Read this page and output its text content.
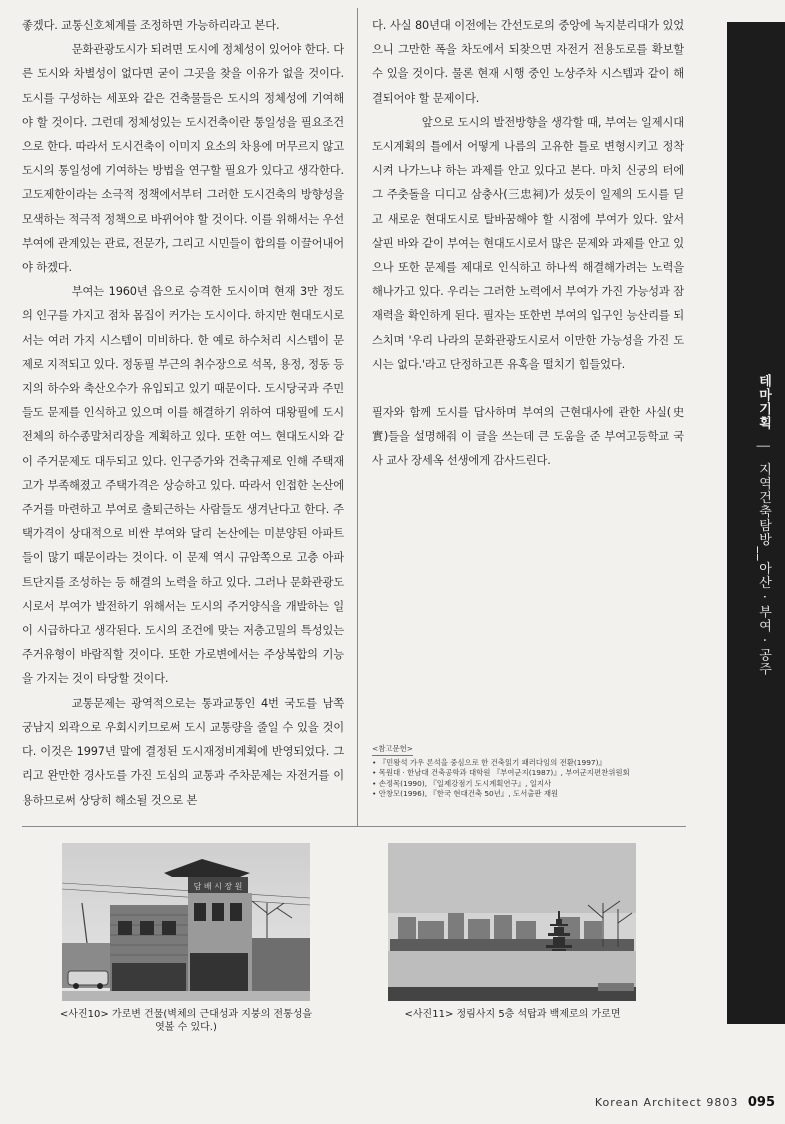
좋겠다. 교통신호체계를 조정하면 가능하리라고 본다.

문화관광도시가 되려면 도시에 정체성이 있어야 한다. 다른 도시와 차별성이 없다면 굳이 그곳을 찾을 이유가 없을 것이다. 도시를 구성하는 세포와 같은 건축물들은 도시의 정체성에 기여해야 할 것이다. 그런데 정체성있는 도시건축이란 통일성을 필요조건으로 한다. 따라서 도시건축이 이미지 요소의 차용에 머무르지 않고 도시의 통일성에 기여하는 방법을 연구할 필요가 있다고 생각한다. 고도제한이라는 소극적 정책에서부터 그러한 도시건축의 방향성을 모색하는 적극적 정책으로 바뀌어야 할 것이다. 이를 위해서는 우선 부여에 관계있는 관료, 전문가, 그리고 시민들이 합의를 이끌어내어야 하겠다.

부여는 1960년 읍으로 승격한 도시이며 현재 3만 정도의 인구를 가지고 점차 몸집이 커가는 도시이다. 하지만 현대도시로서는 여러 가지 시스템이 미비하다. 한 예로 하수처리 시스템이 문제로 지적되고 있다. 정동필 부근의 취수장으로 석목, 용정, 정동 등지의 하수와 축산오수가 유입되고 있기 때문이다. 도시당국과 주민들도 문제를 인식하고 있으며 이를 해결하기 위하여 대왕필에 도시 전체의 하수종말처리장을 계획하고 있다. 또한 여느 현대도시와 같이 주거문제도 대두되고 있다. 인구증가와 건축규제로 인해 주택재고가 부족해졌고 주택가격은 상승하고 있다. 따라서 인접한 논산에 주거를 마련하고 부여로 출퇴근하는 사람들도 생겨난다고 한다. 주택가격이 상대적으로 비싼 부여와 달리 논산에는 미분양된 아파트들이 많기 때문이라는 것이다. 이 문제 역시 규암쪽으로 고층 아파트단지를 조성하는 등 해결의 노력을 하고 있다. 그러나 문화관광도시로서 부여가 발전하기 위해서는 도시의 주거양식을 개발하는 일이 시급하다고 생각된다. 도시의 조건에 맞는 저층고밀의 특성있는 주거유형이 바람직할 것이다. 또한 가로변에서는 주상복합의 기능을 가지는 것이 타당할 것이다.

교통문제는 광역적으로는 통과교통인 4번 국도를 남쪽 궁남지 외곽으로 우회시키므로써 도시 교통량을 줄일 수 있을 것이다. 이것은 1997년 말에 결정된 도시재정비계획에 반영되었다. 그리고 완만한 경사도를 가진 도심의 교통과 주차문제는 자전거를 이용하므로써 상당히 해소될 것으로 본

다. 사실 80년대 이전에는 간선도로의 중앙에 녹지분리대가 있었으니 그만한 폭을 차도에서 되찾으면 자전거 전용도로를 확보할 수 있을 것이다. 물론 현재 시행 중인 노상주차 시스템과 같이 해결되어야 할 문제이다.

앞으로 도시의 발전방향을 생각할 때, 부여는 일제시대 도시계획의 틀에서 어떻게 나름의 고유한 틀로 변형시키고 정착시켜 나가느냐 하는 과제를 안고 있다고 본다. 마치 신궁의 터에 그 주춧돌을 디디고 삼충사(三忠祠)가 섰듯이 일제의 도시를 딛고 새로운 현대도시로 탈바꿈해야 할 시점에 부여가 있다. 앞서 살핀 바와 같이 부여는 현대도시로서 많은 문제와 과제를 안고 있으나 또한 문제를 제대로 인식하고 하나씩 해결해가려는 노력을 해나가고 있다. 우리는 그러한 노력에서 부여가 가진 가능성과 잠재력을 확인하게 된다. 필자는 또한번 부여의 입구인 능산리를 되스치며 '우리 나라의 문화관광도시로서 이만한 가능성을 가진 도시는 없다.'라고 단정하고픈 유혹을 떨치기 힘들었다.

필자와 함께 도시를 답사하며 부여의 근현대사에 관한 사실(史實)들을 설명해줘 이 글을 쓰는데 큰 도움을 준 부여고등학교 국사 교사 장세옥 선생에게 감사드린다.

<참고문헌>
• 『민왕석 가우 론석을 중심으로 한 건축읽기 패러다임의 전환(1997)』
• 목원대 · 한남대 건축공학과 대학원 『부여군지(1987)』, 부여군지편찬위원회
• 손정목(1990), 『일제강점기 도시계획연구』, 일지사
• 안창모(1996), 『한국 현대건축 50년』, 도서출판 재원
테마기획 | 지역건축탐방__아산 · 부여 · 공주
담 배 시 장 원
<사진10> 가로변 건물(벽체의 근대성과 지붕의 전통성을 엿볼 수 있다.)
<사진11> 정림사지 5층 석탑과 백제로의 가로면
Korean Architect 9803 095
